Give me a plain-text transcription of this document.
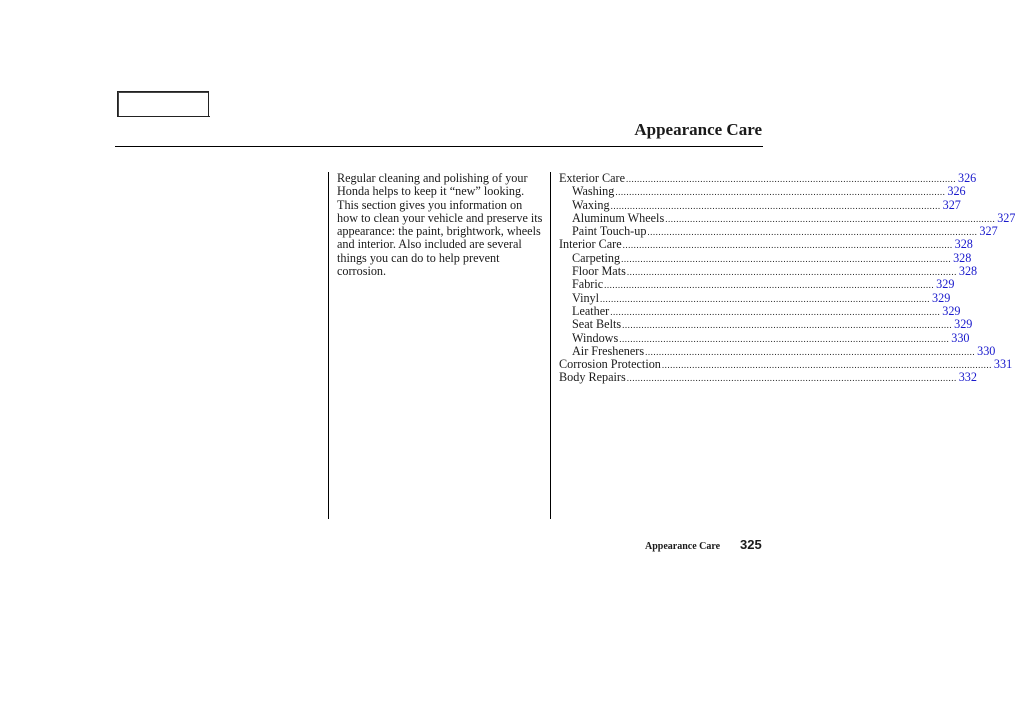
Appearance Care

Regular cleaning and polishing of your Honda helps to keep it “new” looking. This section gives you information on how to clean your vehicle and preserve its appearance: the paint, brightwork, wheels and interior. Also included are several things you can do to help prevent corrosion.

Exterior Care ........................................................................................................................ 326
Washing ........................................................................................................................ 326
Waxing ........................................................................................................................ 327
Aluminum Wheels ........................................................................................................................ 327
Paint Touch-up ........................................................................................................................ 327
Interior Care ........................................................................................................................ 328
Carpeting ........................................................................................................................ 328
Floor Mats ........................................................................................................................ 328
Fabric ........................................................................................................................ 329
Vinyl ........................................................................................................................ 329
Leather ........................................................................................................................ 329
Seat Belts ........................................................................................................................ 329
Windows ........................................................................................................................ 330
Air Fresheners ........................................................................................................................ 330
Corrosion Protection ........................................................................................................................ 331
Body Repairs ........................................................................................................................ 332
Appearance Care 325
